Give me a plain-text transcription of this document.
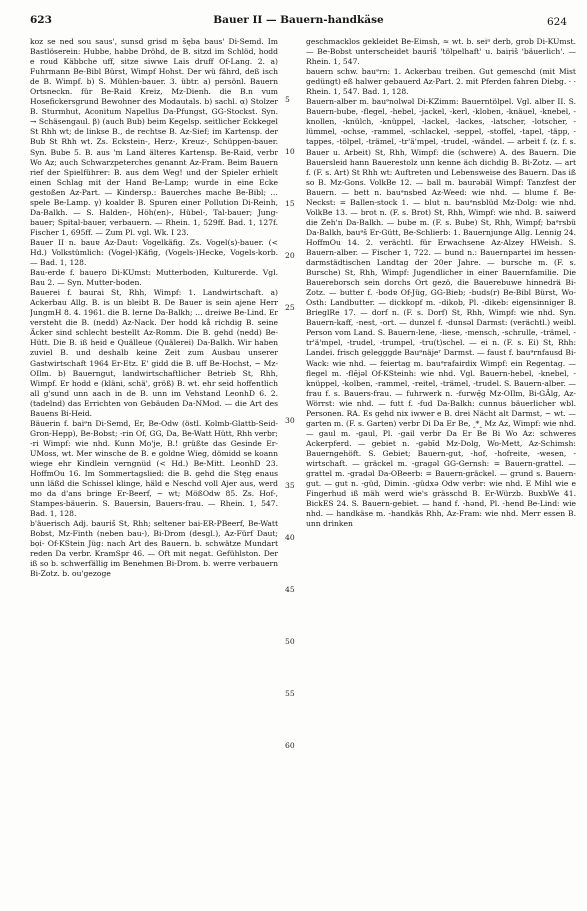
623	Bauer II — Bauern-handkäse	624

koz se ned sou saus', sunsd grisd m šęba baus' Di-Semd. Im Bastlöserein: Hubbe, habbe Dröhd, de B. sitzd im Schlöd, hodd e roud Käbbche uff, sitze siwwe Lais druff Of-Lang. 2. a) Fuhrmann Be-Bibl Bürst, Wimpf Hohst. Der wü fährd, deß isch de B. Wimpf. b) S. Mühlen-bauer. 3. übtr. a) persönl. Bauern Ortsneckn. für Be-Raid Kreiz, Mz-Dienh. die B.n vum Hosefickersgrund Bewohner des Modautals. b) sachl. α) Stolzer B. Sturmhut, Aconitum Napellus Da-Pfungst, GG-Stockst. Syn. → Schäsengaul. β) (auch Bub) beim Kegelsp. seitlicher Eckkegel St Rhh wt; de linkse B., de rechtse B. Az-Sief; im Kartensp. der Bub St Rhh wt. Zs. Eckstein-, Herz-, Kreuz-, Schüppen-bauer. Syn. Bube 5. B. aus 'm Land älteres Kartensp. Be-Raid, verbr Wo Az; auch Schwarzpeterches genannt Az-Fram. Beim Bauern rief der Spielführer: B. aus dem Weg! und der Spieler erhielt einen Schlag mit der Hand Be-Lamp; wurde in eine Ecke gestoßen Az-Part. — Kindersp.: Bauerches mache Be-Bibl; … spele Be-Lamp. γ) koalder B. Spuren einer Pollution Di-Reinh, Da-Balkh. — S. Halden-, Höh(en)-, Hübel-, Tal-bauer; Jung-bauer; Spital-bauer, verbauern. — Rhein. 1, 529ff. Bad. 1, 127f. Fischer 1, 695ff. — Zum Pl. vgl. Wk. I 23.

Bauer II n. bauɐ Az-Daut: Vogelkäfig. Zs. Vogel(s)-bauer. (< Hd.) Volkstümlich: (Vogel-)Käfig, (Vogels-)Hecke, Vogels-korb. — Bad. 1, 128.

Bau-erde f. baueṛo Di-KUmst: Mutterboden, Kulturerde. Vgl. Bau 2. — Syn. Mutter-boden.

Bauerei f. baurai St, Rhh, Wimpf: 1. Landwirtschaft. a) Ackerbau Allg. B. is un bleibt B. De Bauer is sein ajene Herr JungmH 8. 4. 1961. die B. lerne Da-Balkh; … dreiwe Be-Lind. Er versteht die B. (nedd) Az-Nack. Der hodd kå richdig B. seine Äcker sind schlecht bestellt Az-Romm. Die B. gehd (nedd) Be-Hütt. Die B. iß heid e Quälleue (Quälerei) Da-Balkh. Wir haben zuviel B. und deshalb keine Zeit zum Ausbau unserer Gastwirtschaft 1964 Er-Etz. E' gidd die B. uff Be-Hochst, ~ Mz-OIlm. b) Bauerngut, landwirtschaftlicher Betrieb St, Rhh, Wimpf. Er hodd e (kläni, schä', größ) B. wt. ehr seid hoffentlich all g'sund unn aach in de B. unn im Vehstand LeonhD 6. 2. (tadelnd) das Errichten von Gebäuden Da-NMod. — die Art des Bauens Bi-Heid.

Bäuerin f. baiᵊn Di-Semd, Er, Be-Odw (östl. Kolmb-Glattb-Seid-Gron-Hepp), Be-Bobst; -rin Of, GG, Da, Be-Watt Hütt, Rhh verbr; -ri Wimpf: wie nhd. Kunn Mo'je, B.! grüßte das Gesinde Er-UMoss, wt. Mer winsche de B. e goldne Wieg, dömidd se koann wiege ehr Kindlein verngnüd (< Hd.) Be-Mitt. LeonhD 23. HoffmOu 16. Im Sommertagslied: die B. gehd die Stęg enaus unn läßd die Schissel klinge, häld e Neschd voll Ajer aus, werd mo da d'ans bringe Er-Beerf, ~ wt; MößOdw 85. Zs. Hof-, Stampes-bäuerin. S. Bauersin, Bauers-frau. — Rhein. 1, 547. Bad. 1, 128.

b'äuerisch Adj. bauriš St, Rhh; seltener bai-ER-PBeerf, Be-Watt Bobst, Mz-Finth (neben bau-), Bi-Drom (desgl.), Az-Fürf Daut; bọi- Of-KStein Jüg: nach Art des Bauern. b. schwätze Mundart reden Da verbr. KramSpr 46. — Oft mit negat. Gefühlston. Der iß so b. schwerfällig im Benehmen Bi-Drom. b. werre verbauern Bi-Zotz. b. ou'gezoge

5
10
15
20
25
30
35
40
45
50
55
60

geschmacklos gekleidet Be-Eimsh, ≈ wt. b. seiᵃ derb, grob Di-KUmst. — Be-Bobst unterscheidet bauriš 'tölpelhaft' u. baiṛiš 'bäuerlich'. — Rhein. 1, 547.

bauern schw. bauᵊrn: 1. Ackerbau treiben. Gut gemeschd (mit Mist gedüngt) eß halwer gebauerd Az-Part. 2. mit Pferden fahren Diebg. · · Rhein. 1, 547. Bad. 1, 128.

Bauern-alber m. bauᵊnolwəl Di-KZimm: Bauerntölpel. Vgl. alber II. S. Bauern-bube, -flegel, -hebel, -jackel, -kerl, -kloben, -knäuel, -knebel, -knollen, -knülch, -knüppel, -lackel, -lackes, -latscher, -lotscher, -lümmel, -ochse, -rammel, -schlackel, -seppel, -stoffel, -tapel, -täpp, -tappes, -tölpel, -trämel, -tr'ä'mpel, -trudel, -wändel. — arbeit f. (z. f. s. Bauer u. Arbeit) St, Rhh, Wimpf: die (schwere) A. des Bauern. Die Bauersleid hann Bauerestolz unn kenne äch dichdig B. Bi-Zotz. — art f. (F. s. Art) St Rhh wt: Auftreten und Lebensweise des Bauern. Das iß so B. Mz-Gons. VolkBe 12. — ball m. baurəbäl Wimpf: Tanzfest der Bauern. — bett n. bauᵊnsbed Az-Weed: wie nhd. — blume f. Be-Neckst: = Ballen-stock 1. — blut n. bauᵊnsblüd Mz-Dolg: wie nhd. VolkBe 13. — brot n. (F. s. Brot) St, Rhh, Wimpf: wie nhd. B. saiwerd die Zeh'n Da-Balkh. — bube m. (F. s. Bube) St, Rhh, Wimpf; baᵊrsbü Da-Balkh, bauᵊš Er-Gütt, Be-Schlierb: 1. Bauernjunge Allg. Lennig 24. HoffmOu 14. 2. verächtl. für Erwachsene Az-Alzey HWeish. S. Bauern-alber. — Fischer 1, 722. — bund n.: Bauernpartei im hessen-darmstädtischen Landtag der 20er Jahre. — bursche m. (F. s. Bursche) St, Rhh, Wimpf: Jugendlicher in einer Bauernfamilie. Die Bauereborsch sein dorchs Ort gezö, die Bauerebuwe hinnedrä Bi-Zotz. — butter f. -bodɐ Of-Jüg, GG-Bieb; -buds(r) Be-Bibl Bürst, Wo-Osth: Landbutter. — dickkopf m. -dikob, Pl. -dikeb: eigensinniger B. BrieglRe 17. — dorf n. (F. s. Dorf) St, Rhh, Wimpf: wie nhd. Syn. Bauern-kaff, -nest, -ort. — dunzel f. -dunsəl Darmst: (verächtl.) weibl. Person vom Land. S. Bauern-lene, -liese, -mensch, -schrulle, -trämel, -tr'ä'mpel, -trudel, -trumpel, -tru(t)schel. — ei n. (F. s. Ei) St, Rhh: Landei. frisch gelegggde Bauᵊnäjeʳ Darmst. — faust f. bauᵊrnfausd Bi-Wack: wie nhd. — feiertag m. bauᵊrafairdix Wimpf: ein Regentag. — flegel m. -flējəl Of-KSteinh: wie nhd. Vgl. Bauern-hebel, -knebel, -knüppel, -kolben, -rammel, -reitel, -trämel, -trudel. S. Bauern-alber. — frau f. s. Bauers-frau. — fuhrwerk n. -furwę̄g Mz-OIlm, Bi-GÄlg, Az-Wörrst: wie nhd. — futt f. -fud Da-Balkh: cunnus bäuerlicher wbl. Personen. RA. Es gehd nix iwwer e B. drei Nächt alt Darmst, ~ wt. — garten m. (F. s. Garten) verbr Di Da Er Be, ‸*‸ Mz Az, Wimpf: wie nhd. — gaul m. -gaul, Pl. -gail verbr Da Er Be Bi Wo Az: schweres Ackerpferd. — gebiet n. -gəbīd Mz-Dolg, Wo-Mett, Az-Schimsh: Bauerngehöft. S. Gebiet; Bauern-gut, -hof, -hofreite, -wesen, -wirtschaft. — gräckel m. -gragəl GG-Gernsh: = Bauern-grattel. — grattel m. -gradəl Da-OBeerb: = Bauern-gräckel. — grund s. Bauern-gut. — gut n. -güd, Dimin. -güdxə Odw verbr: wie nhd. E Mihl wie e Fingerhud iß mäh werd wie's grässchd B. Er-Würzb. BuxbWe 41. BickES 24. S. Bauern-gebiet. — hand f. -hənd, Pl. -hend Be-Lind: wie nhd. — handkäse m. -handkäs Rhh, Az-Fram: wie nhd. Merr essen B. unn drinken
